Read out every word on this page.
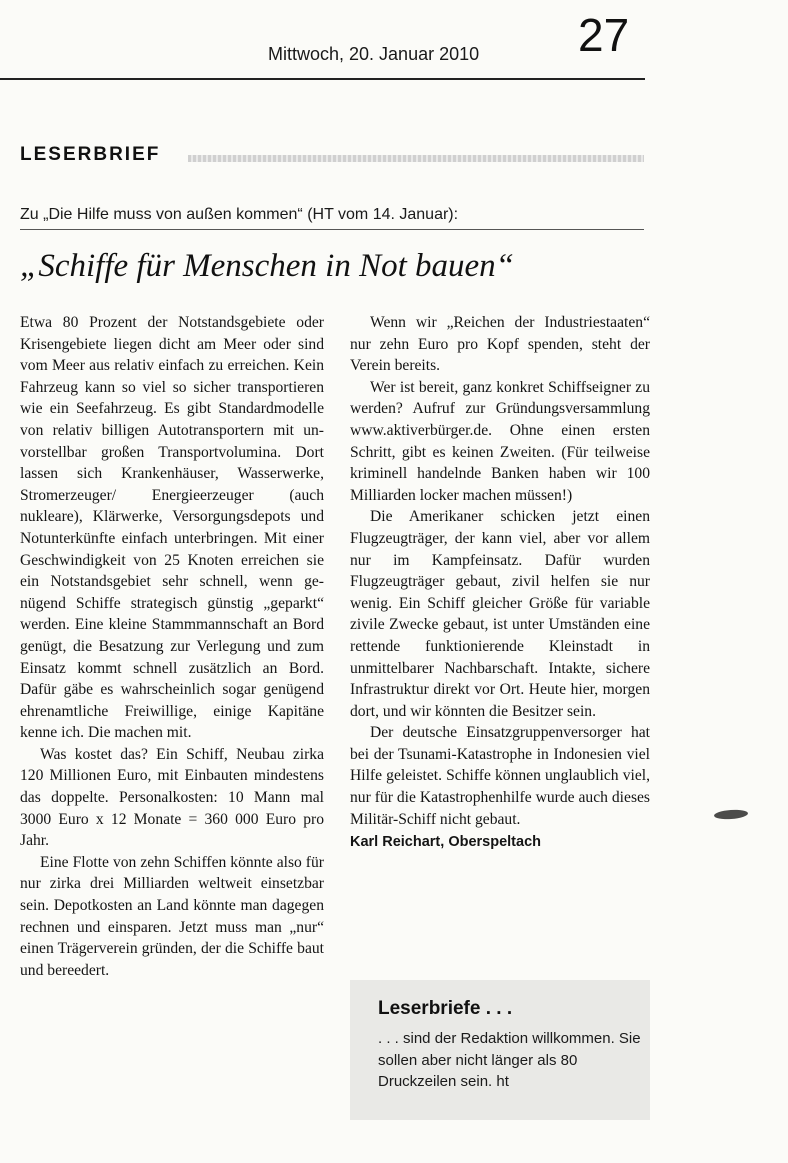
Mittwoch, 20. Januar 2010 27
LESERBRIEF
Zu „Die Hilfe muss von außen kommen“ (HT vom 14. Januar):
„Schiffe für Menschen in Not bauen“

Etwa 80 Prozent der Notstandsgebiete oder Krisengebiete liegen dicht am Meer oder sind vom Meer aus relativ einfach zu erreichen. Kein Fahrzeug kann so viel so sicher transportieren wie ein Seefahrzeug. Es gibt Standardmodelle von relativ billigen Autotransportern mit unvorstellbar großen Transportvolumina. Dort lassen sich Krankenhäuser, Wasserwerke, Stromerzeuger/ Energieerzeuger (auch nukleare), Klärwerke, Versorgungsdepots und Notunterkünfte einfach unterbringen. Mit einer Geschwindigkeit von 25 Knoten erreichen sie ein Notstandsgebiet sehr schnell, wenn genügend Schiffe strategisch günstig „geparkt“ werden. Eine kleine Stammmannschaft an Bord genügt, die Besatzung zur Verlegung und zum Einsatz kommt schnell zusätzlich an Bord. Dafür gäbe es wahrscheinlich sogar genügend ehrenamtliche Freiwillige, einige Kapitäne kenne ich. Die machen mit.

Was kostet das? Ein Schiff, Neubau zirka 120 Millionen Euro, mit Einbauten mindestens das doppelte. Personalkosten: 10 Mann mal 3000 Euro x 12 Monate = 360 000 Euro pro Jahr.

Eine Flotte von zehn Schiffen könnte also für nur zirka drei Milliarden weltweit einsetzbar sein. Depotkosten an Land könnte man dagegen rechnen und einsparen. Jetzt muss man „nur“ einen Trägerverein gründen, der die Schiffe baut und bereedert.

Wenn wir „Reichen der Industriestaaten“ nur zehn Euro pro Kopf spenden, steht der Verein bereits.

Wer ist bereit, ganz konkret Schiffseigner zu werden? Aufruf zur Gründungsversammlung www.aktiverbürger.de. Ohne einen ersten Schritt, gibt es keinen Zweiten. (Für teilweise kriminell handelnde Banken haben wir 100 Milliarden locker machen müssen!)

Die Amerikaner schicken jetzt einen Flugzeugträger, der kann viel, aber vor allem nur im Kampfeinsatz. Dafür wurden Flugzeugträger gebaut, zivil helfen sie nur wenig. Ein Schiff gleicher Größe für variable zivile Zwecke gebaut, ist unter Umständen eine rettende funktionierende Kleinstadt in unmittelbarer Nachbarschaft. Intakte, sichere Infrastruktur direkt vor Ort. Heute hier, morgen dort, und wir könnten die Besitzer sein.

Der deutsche Einsatzgruppenversorger hat bei der Tsunami-Katastrophe in Indonesien viel Hilfe geleistet. Schiffe können unglaublich viel, nur für die Katastrophenhilfe wurde auch dieses Militär-Schiff nicht gebaut.

Karl Reichart, Oberspeltach
Leserbriefe . . .
. . . sind der Redaktion willkommen. Sie sollen aber nicht länger als 80 Druckzeilen sein. ht
